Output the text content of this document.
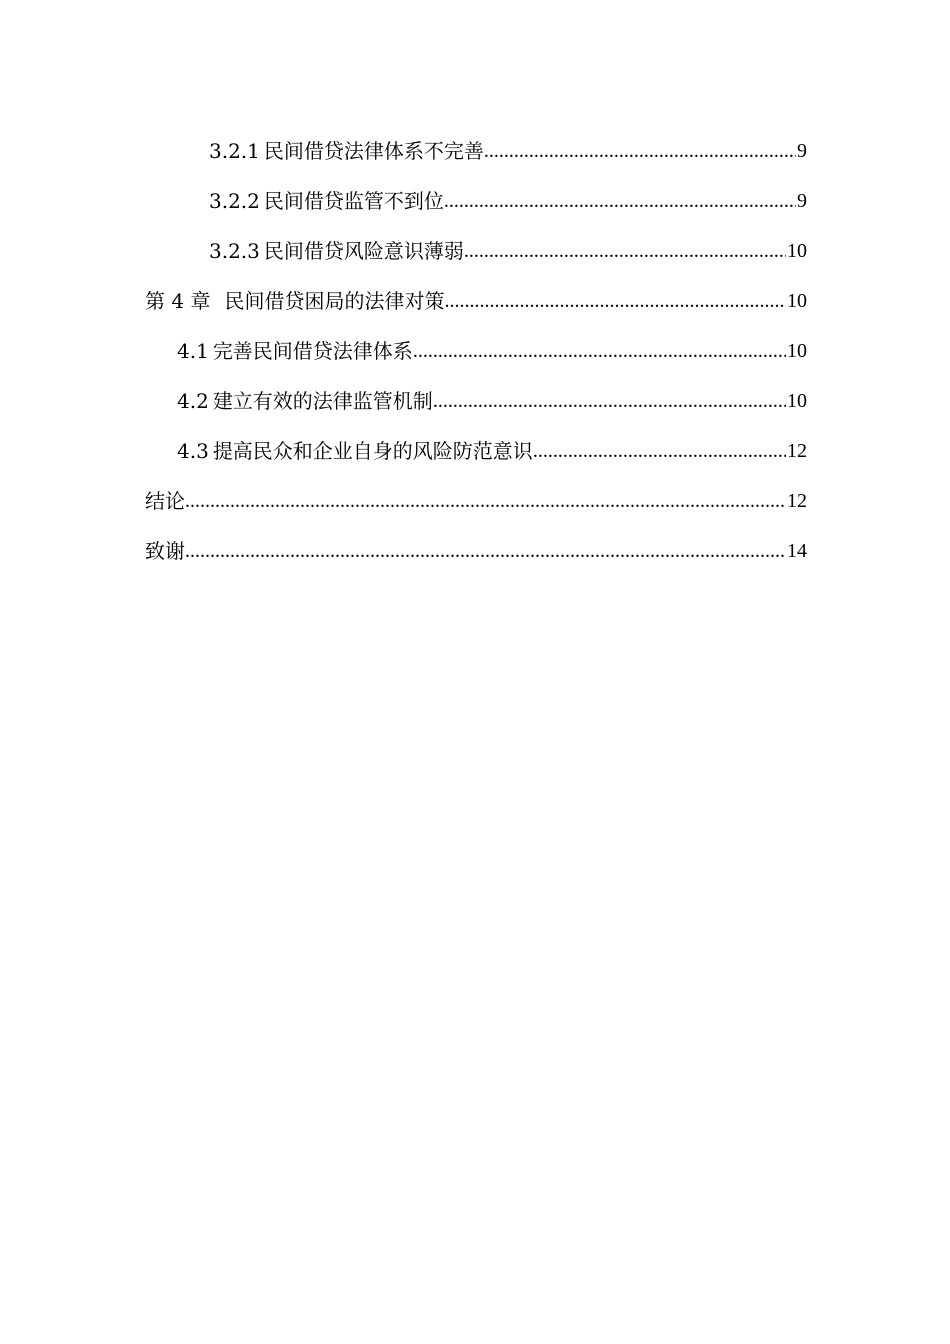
3.2.1 民间借贷法律体系不完善 .....	9
3.2.2 民间借贷监管不到位 .....	9
3.2.3 民间借贷风险意识薄弱 .....	10
第 4 章 民间借贷困局的法律对策 .....	10
4.1 完善民间借贷法律体系 .....	10
4.2 建立有效的法律监管机制 .....	10
4.3 提高民众和企业自身的风险防范意识 .....	12
结论 .....	12
致谢 .....	14
